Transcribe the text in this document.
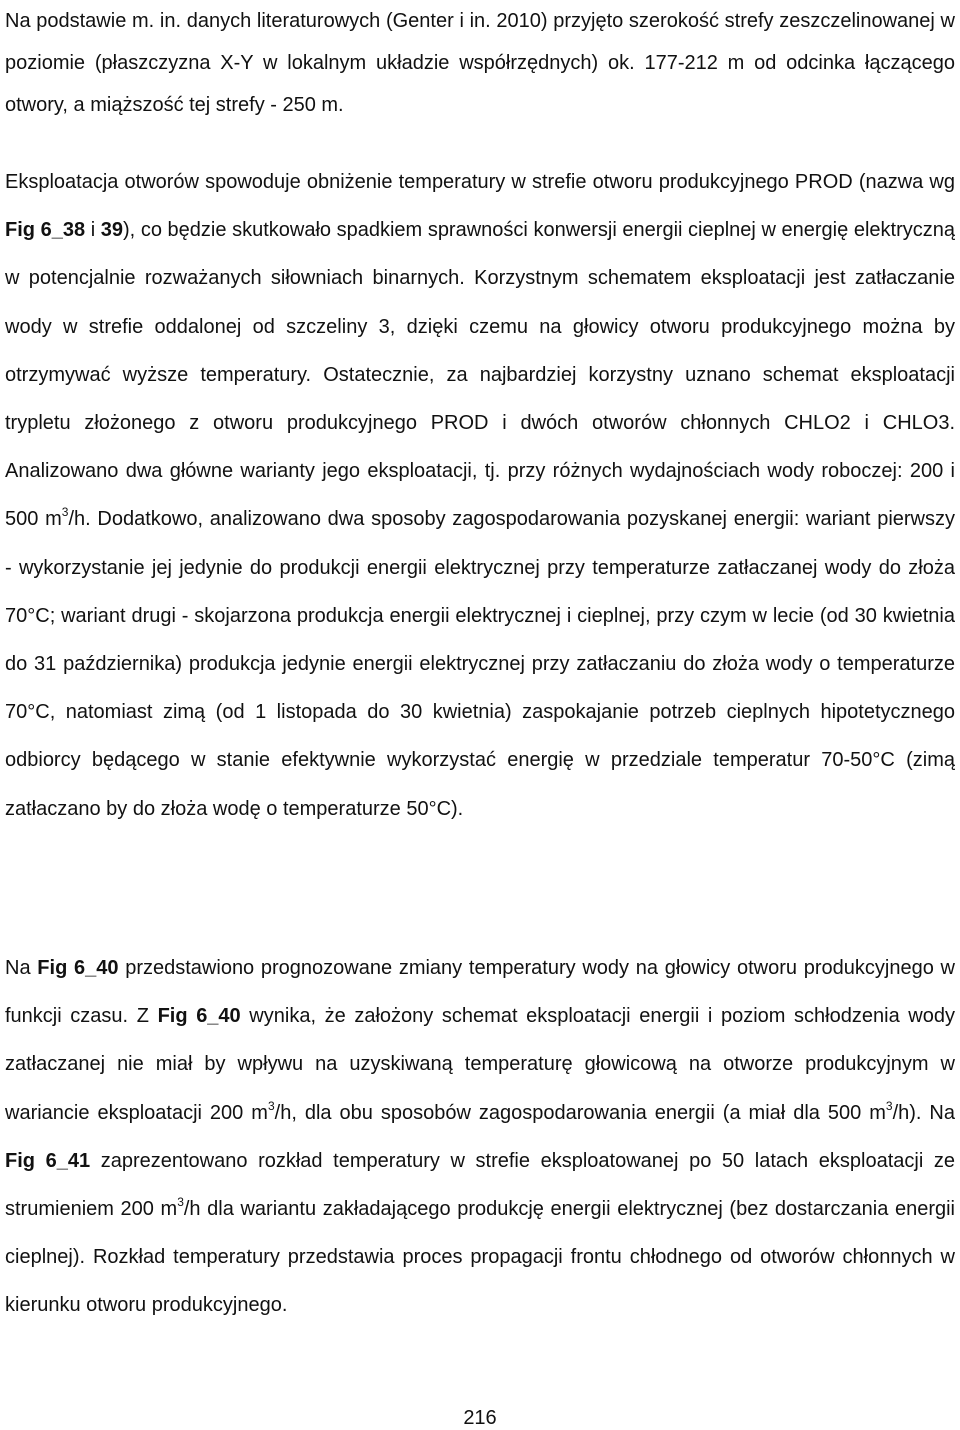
Na podstawie m. in. danych literaturowych (Genter i in. 2010) przyjęto szerokość strefy zeszczelinowanej w poziomie (płaszczyzna X-Y w lokalnym układzie współrzędnych) ok. 177-212 m od odcinka łączącego otwory, a miąższość tej strefy - 250 m.

Eksploatacja otworów spowoduje obniżenie temperatury w strefie otworu produkcyjnego PROD (nazwa wg Fig 6_38 i 39), co będzie skutkowało spadkiem sprawności konwersji energii cieplnej w energię elektryczną w potencjalnie rozważanych siłowniach binarnych. Korzystnym schematem eksploatacji jest zatłaczanie wody w strefie oddalonej od szczeliny 3, dzięki czemu na głowicy otworu produkcyjnego można by otrzymywać wyższe temperatury. Ostatecznie, za najbardziej korzystny uznano schemat eksploatacji trypletu złożonego z otworu produkcyjnego PROD i dwóch otworów chłonnych CHLO2 i CHLO3. Analizowano dwa główne warianty jego eksploatacji, tj. przy różnych wydajnościach wody roboczej: 200 i 500 $m^3/h$. Dodatkowo, analizowano dwa sposoby zagospodarowania pozyskanej energii: wariant pierwszy - wykorzystanie jej jedynie do produkcji energii elektrycznej przy temperaturze zatłaczanej wody do złoża 70°C; wariant drugi - skojarzona produkcja energii elektrycznej i cieplnej, przy czym w lecie (od 30 kwietnia do 31 października) produkcja jedynie energii elektrycznej przy zatłaczaniu do złoża wody o temperaturze 70°C, natomiast zimą (od 1 listopada do 30 kwietnia) zaspokajanie potrzeb cieplnych hipotetycznego odbiorcy będącego w stanie efektywnie wykorzystać energię w przedziale temperatur 70-50°C (zimą zatłaczano by do złoża wodę o temperaturze 50°C).

Na Fig 6_40 przedstawiono prognozowane zmiany temperatury wody na głowicy otworu produkcyjnego w funkcji czasu. Z Fig 6_40 wynika, że założony schemat eksploatacji energii i poziom schłodzenia wody zatłaczanej nie miał by wpływu na uzyskiwaną temperaturę głowicową na otworze produkcyjnym w wariancie eksploatacji 200 $m^3/h$, dla obu sposobów zagospodarowania energii (a miał dla 500 $m^3/h$). Na Fig 6_41 zaprezentowano rozkład temperatury w strefie eksploatowanej po 50 latach eksploatacji ze strumieniem 200 $m^3/h$ dla wariantu zakładającego produkcję energii elektrycznej (bez dostarczania energii cieplnej). Rozkład temperatury przedstawia proces propagacji frontu chłodnego od otworów chłonnych w kierunku otworu produkcyjnego.

216
